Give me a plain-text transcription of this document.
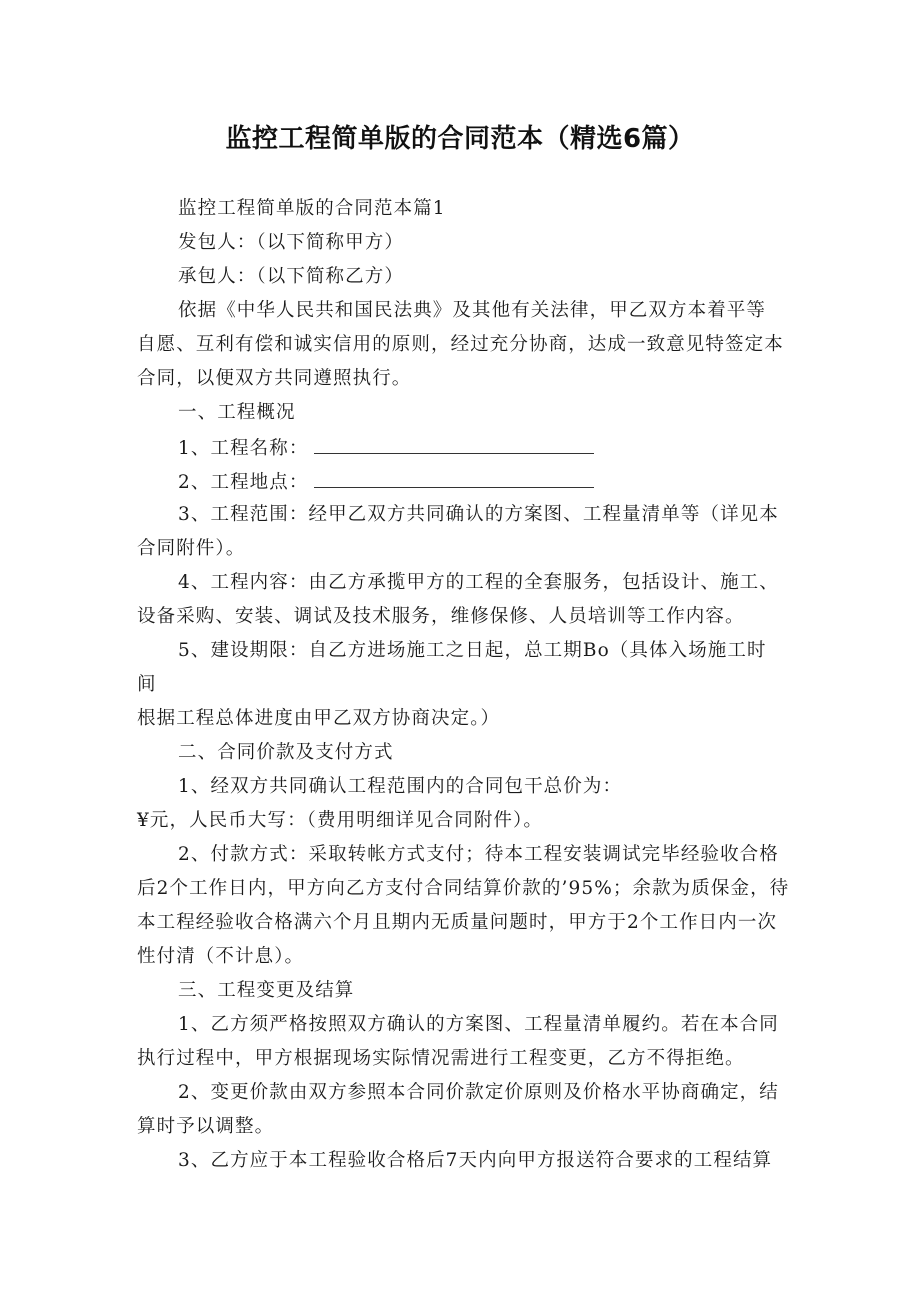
监控工程简单版的合同范本（精选6篇）
监控工程简单版的合同范本篇1
发包人：（以下简称甲方）
承包人：（以下简称乙方）
依据《中华人民共和国民法典》及其他有关法律，甲乙双方本着平等
自愿、互利有偿和诚实信用的原则，经过充分协商，达成一致意见特签定本
合同，以便双方共同遵照执行。
一、工程概况
1、工程名称：
2、工程地点：
3、工程范围：经甲乙双方共同确认的方案图、工程量清单等（详见本
合同附件）。
4、工程内容：由乙方承揽甲方的工程的全套服务，包括设计、施工、
设备采购、安装、调试及技术服务，维修保修、人员培训等工作内容。
5、建设期限：自乙方进场施工之日起，总工期Bo（具体入场施工时
间
根据工程总体进度由甲乙双方协商决定。）
二、合同价款及支付方式
1、经双方共同确认工程范围内的合同包干总价为：
¥元，人民币大写：（费用明细详见合同附件）。
2、付款方式：采取转帐方式支付；待本工程安装调试完毕经验收合格
后2个工作日内，甲方向乙方支付合同结算价款的’95%；余款为质保金，待
本工程经验收合格满六个月且期内无质量问题时，甲方于2个工作日内一次
性付清（不计息）。
三、工程变更及结算
1、乙方须严格按照双方确认的方案图、工程量清单履约。若在本合同
执行过程中，甲方根据现场实际情况需进行工程变更，乙方不得拒绝。
2、变更价款由双方参照本合同价款定价原则及价格水平协商确定，结
算时予以调整。
3、乙方应于本工程验收合格后7天内向甲方报送符合要求的工程结算
